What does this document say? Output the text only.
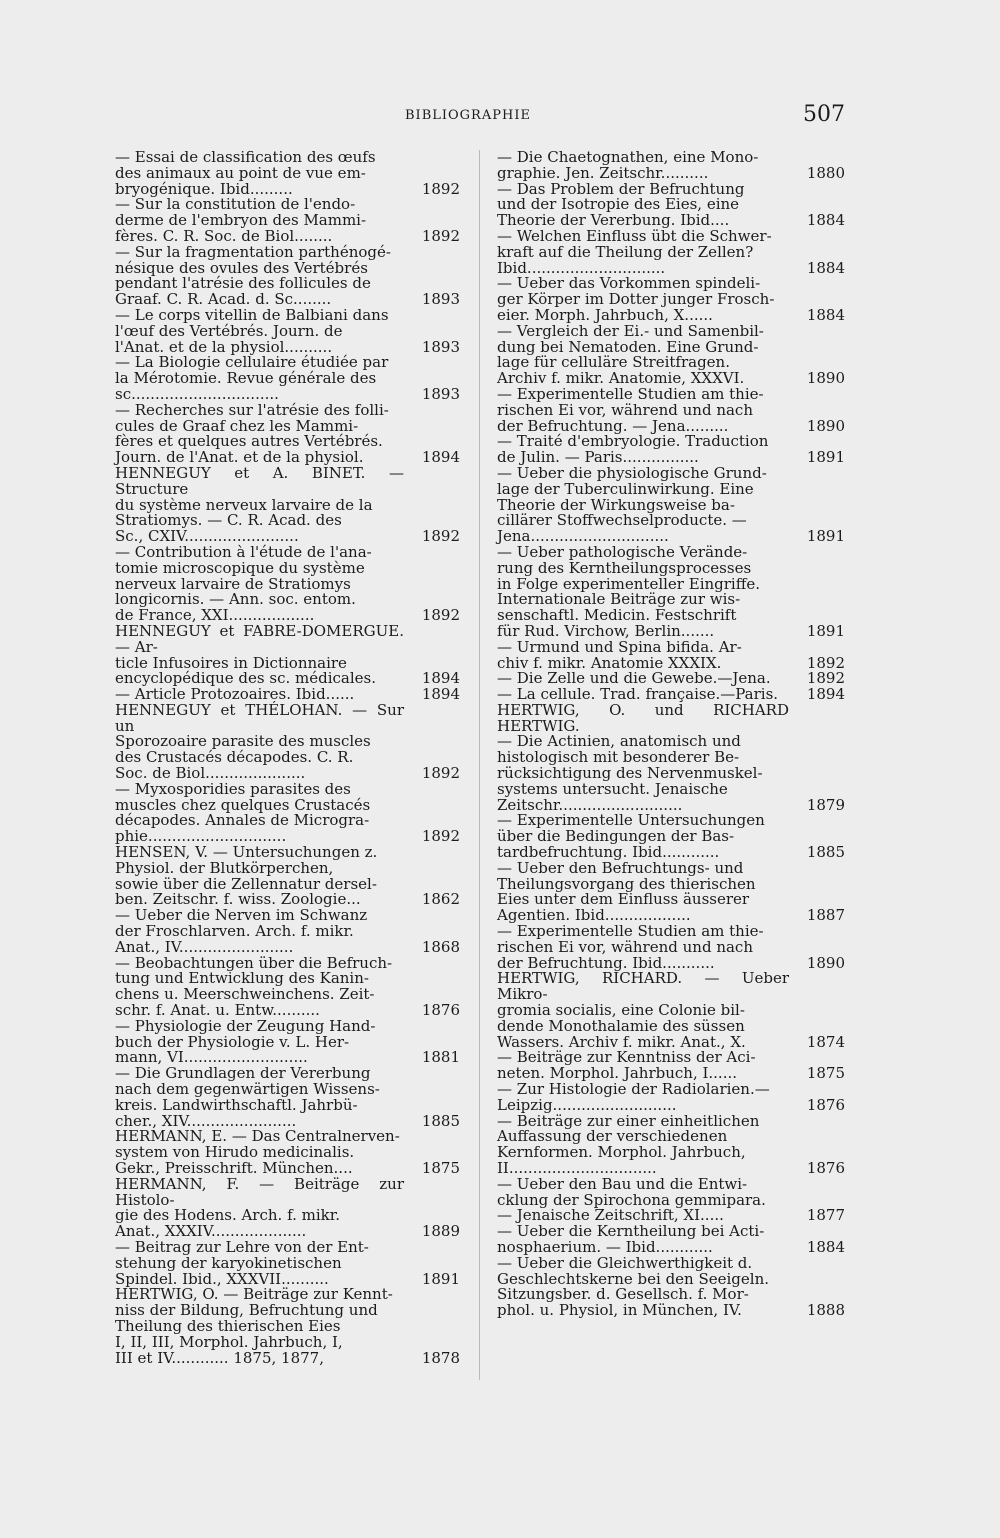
BIBLIOGRAPHIE	507
— Essai de classification des œufs
des animaux au point de vue em-
bryogénique. Ibid.........	1892
— Sur la constitution de l'endo-
derme de l'embryon des Mammi-
fères. C. R. Soc. de Biol........	1892
— Sur la fragmentation parthénogé-
nésique des ovules des Vertébrés
pendant l'atrésie des follicules de
Graaf. C. R. Acad. d. Sc........	1893
— Le corps vitellin de Balbiani dans
l'œuf des Vertébrés. Journ. de
l'Anat. et de la physiol..........	1893
— La Biologie cellulaire étudiée par
la Mérotomie. Revue générale des
sc...............................	1893
— Recherches sur l'atrésie des folli-
cules de Graaf chez les Mammi-
fères et quelques autres Vertébrés.
Journ. de l'Anat. et de la physiol.	1894
HENNEGUY et A. BINET. — Structure
du système nerveux larvaire de la
Stratiomys. — C. R. Acad. des
Sc., CXIV........................	1892
— Contribution à l'étude de l'ana-
tomie microscopique du système
nerveux larvaire de Stratiomys
longicornis. — Ann. soc. entom.
de France, XXI..................	1892
HENNEGUY et FABRE-DOMERGUE. — Ar-
ticle Infusoires in Dictionnaire
encyclopédique des sc. médicales.	1894
— Article Protozoaires. Ibid......	1894
HENNEGUY et THÉLOHAN. — Sur un
Sporozoaire parasite des muscles
des Crustacés décapodes. C. R.
Soc. de Biol.....................	1892
— Myxosporidies parasites des
muscles chez quelques Crustacés
décapodes. Annales de Microgra-
phie.............................	1892
HENSEN, V. — Untersuchungen z.
Physiol. der Blutkörperchen,
sowie über die Zellennatur dersel-
ben. Zeitschr. f. wiss. Zoologie...	1862
— Ueber die Nerven im Schwanz
der Froschlarven. Arch. f. mikr.
Anat., IV........................	1868
— Beobachtungen über die Befruch-
tung und Entwicklung des Kanin-
chens u. Meerschweinchens. Zeit-
schr. f. Anat. u. Entw..........	1876
— Physiologie der Zeugung Hand-
buch der Physiologie v. L. Her-
mann, VI..........................	1881
— Die Grundlagen der Vererbung
nach dem gegenwärtigen Wissens-
kreis. Landwirthschaftl. Jahrbü-
cher., XIV.......................	1885
HERMANN, E. — Das Centralnerven-
system von Hirudo medicinalis.
Gekr., Preisschrift. München....	1875
HERMANN, F. — Beiträge zur Histolo-
gie des Hodens. Arch. f. mikr.
Anat., XXXIV....................	1889
— Beitrag zur Lehre von der Ent-
stehung der karyokinetischen
Spindel. Ibid., XXXVII..........	1891
HERTWIG, O. — Beiträge zur Kennt-
niss der Bildung, Befruchtung und
Theilung des thierischen Eies
I, II, III, Morphol. Jahrbuch, I,
III et IV............ 1875, 1877,	1878
— Die Chaetognathen, eine Mono-
graphie. Jen. Zeitschr..........	1880
— Das Problem der Befruchtung
und der Isotropie des Eies, eine
Theorie der Vererbung. Ibid....	1884
— Welchen Einfluss übt die Schwer-
kraft auf die Theilung der Zellen?
Ibid.............................	1884
— Ueber das Vorkommen spindeli-
ger Körper im Dotter junger Frosch-
eier. Morph. Jahrbuch, X......	1884
— Vergleich der Ei.- und Samenbil-
dung bei Nematoden. Eine Grund-
lage für celluläre Streitfragen.
Archiv f. mikr. Anatomie, XXXVI.	1890
— Experimentelle Studien am thie-
rischen Ei vor, während und nach
der Befruchtung. — Jena.........	1890
— Traité d'embryologie. Traduction
de Julin. — Paris................	1891
— Ueber die physiologische Grund-
lage der Tuberculinwirkung. Eine
Theorie der Wirkungsweise ba-
cillärer Stoffwechselproducte. —
Jena.............................	1891
— Ueber pathologische Verände-
rung des Kerntheilungsprocesses
in Folge experimenteller Eingriffe.
Internationale Beiträge zur wis-
senschaftl. Medicin. Festschrift
für Rud. Virchow, Berlin.......	1891
— Urmund und Spina bifida. Ar-
chiv f. mikr. Anatomie XXXIX.	1892
— Die Zelle und die Gewebe.—Jena.	1892
— La cellule. Trad. française.—Paris.	1894
HERTWIG, O. und RICHARD HERTWIG.
— Die Actinien, anatomisch und
histologisch mit besonderer Be-
rücksichtigung des Nervenmuskel-
systems untersucht. Jenaische
Zeitschr..........................	1879
— Experimentelle Untersuchungen
über die Bedingungen der Bas-
tardbefruchtung. Ibid............	1885
— Ueber den Befruchtungs- und
Theilungsvorgang des thierischen
Eies unter dem Einfluss äusserer
Agentien. Ibid..................	1887
— Experimentelle Studien am thie-
rischen Ei vor, während und nach
der Befruchtung. Ibid...........	1890
HERTWIG, RICHARD. — Ueber Mikro-
gromia socialis, eine Colonie bil-
dende Monothalamie des süssen
Wassers. Archiv f. mikr. Anat., X.	1874
— Beiträge zur Kenntniss der Aci-
neten. Morphol. Jahrbuch, I......	1875
— Zur Histologie der Radiolarien.—
Leipzig..........................	1876
— Beiträge zur einer einheitlichen
Auffassung der verschiedenen
Kernformen. Morphol. Jahrbuch,
II...............................	1876
— Ueber den Bau und die Entwi-
cklung der Spirochona gemmipara.
— Jenaische Zeitschrift, XI.....	1877
— Ueber die Kerntheilung bei Acti-
nosphaerium. — Ibid............	1884
— Ueber die Gleichwerthigkeit d.
Geschlechtskerne bei den Seeigeln.
Sitzungsber. d. Gesellsch. f. Mor-
phol. u. Physiol, in München, IV.	1888
